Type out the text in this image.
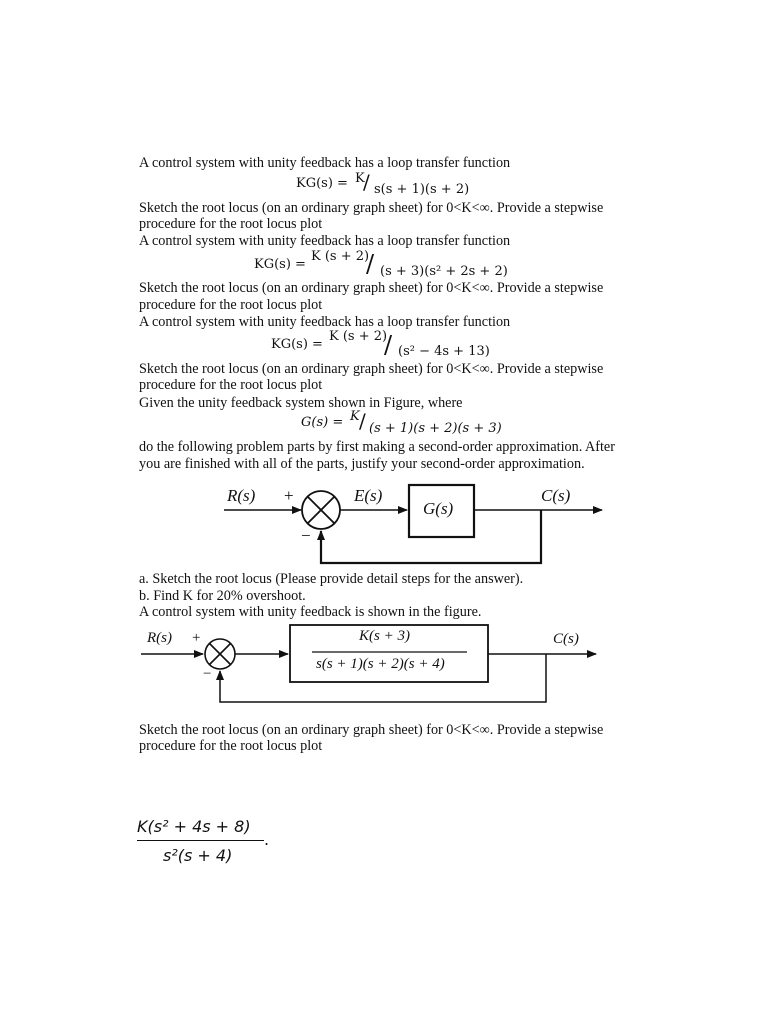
A control system with unity feedback has a loop transfer function
KG(s) = K
/ s(s + 1)(s + 2)
Sketch the root locus (on an ordinary graph sheet) for 0<K<∞. Provide a stepwise
procedure for the root locus plot
A control system with unity feedback has a loop transfer function
KG(s) =
K (s + 2)
/ (s + 3)(s² + 2s + 2)
Sketch the root locus (on an ordinary graph sheet) for 0<K<∞. Provide a stepwise
procedure for the root locus plot
A control system with unity feedback has a loop transfer function
KG(s) =
K (s + 2)
/ (s² − 4s + 13)
Sketch the root locus (on an ordinary graph sheet) for 0<K<∞. Provide a stepwise
procedure for the root locus plot
Given the unity feedback system shown in Figure, where
G(s) = K / (s + 1)(s + 2)(s + 3)
do the following problem parts by first making a second-order approximation. After
you are finished with all of the parts, justify your second-order approximation.
R(s) +
−
E(s)
G(s)
C(s)
a. Sketch the root locus (Please provide detail steps for the answer).
b. Find K for 20% overshoot.
A control system with unity feedback is shown in the figure.
R(s) +
−
K(s + 3)
s(s + 1)(s + 2)(s + 4)
C(s)
Sketch the root locus (on an ordinary graph sheet) for 0<K<∞. Provide a stepwise
procedure for the root locus plot
K(s² + 4s + 8)
.
s²(s + 4)
